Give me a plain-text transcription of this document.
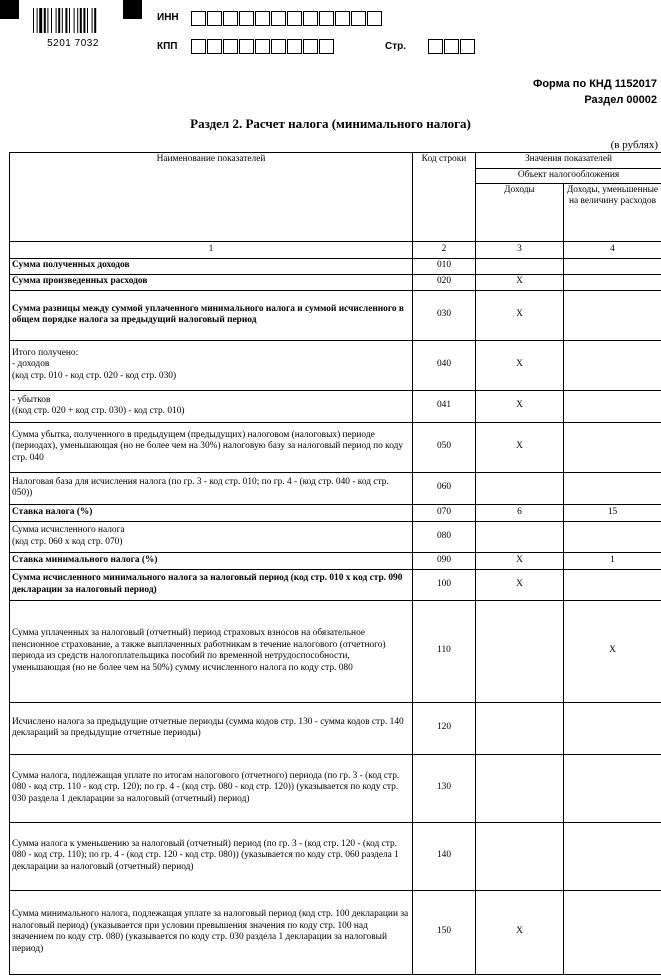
5201 7032
ИНН
КПП	Стр.
Форма по КНД 1152017
Раздел 00002
Раздел 2. Расчет налога (минимального налога)
(в рублях)
Наименование показателей	Код строки	Значения показателей	
		Объект налогообложения	
		Доходы	Доходы, уменьшенные на величину расходов
1	2	3	4
Сумма полученных доходов	010		
Сумма произведенных расходов	020	X	
Сумма разницы между суммой уплаченного минимального налога и суммой исчисленного в общем порядке налога за предыдущий налоговый период	030	X	
Итого получено:
- доходов
(код стр. 010 - код стр. 020 - код стр. 030)	040	X	
- убытков
((код стр. 020 + код стр. 030) - код стр. 010)	041	X	
Сумма убытка, полученного в предыдущем (предыдущих) налоговом (налоговых) периоде (периодах), уменьшающая (но не более чем на 30%) налоговую базу за налоговый период по коду стр. 040	050	X	
Налоговая база для исчисления налога (по гр. 3 - код стр. 010; по гр. 4 - (код стр. 040 - код стр. 050))	060		
Ставка налога (%)	070	6	15
Сумма исчисленного налога
(код стр. 060 х код стр. 070)	080		
Ставка минимального налога (%)	090	X	1
Сумма исчисленного минимального налога за налоговый период (код стр. 010 х код стр. 090 декларации за налоговый период)	100	X	
Сумма уплаченных за налоговый (отчетный) период страховых взносов на обязательное пенсионное страхование, а также выплаченных работникам в течение налогового (отчетного) периода из средств налогоплательщика пособий по временной нетрудоспособности, уменьшающая (но не более чем на 50%) сумму исчисленного налога по коду стр. 080	110		X
Исчислено налога за предыдущие отчетные периоды (сумма кодов стр. 130 - сумма кодов стр. 140 деклараций за предыдущие отчетные периоды)	120		
Сумма налога, подлежащая уплате по итогам налогового (отчетного) периода (по гр. 3 - (код стр. 080 - код стр. 110 - код стр. 120); по гр. 4 - (код стр. 080 - код стр. 120)) (указывается по коду стр. 030 раздела 1 декларации за налоговый (отчетный) период)	130		
Сумма налога к уменьшению за налоговый (отчетный) период (по гр. 3 - (код стр. 120 - (код стр. 080 - код стр. 110); по гр. 4 - (код стр. 120 - код стр. 080)) (указывается по коду стр. 060 раздела 1 декларации за налоговый (отчетный) период)	140		
Сумма минимального налога, подлежащая уплате за налоговый период (код стр. 100 декларации за налоговый период) (указывается при условии превышения значения по коду стр. 100 над значением по коду стр. 080) (указывается по коду стр. 030 раздела 1 декларации за налоговый период)	150	X	
